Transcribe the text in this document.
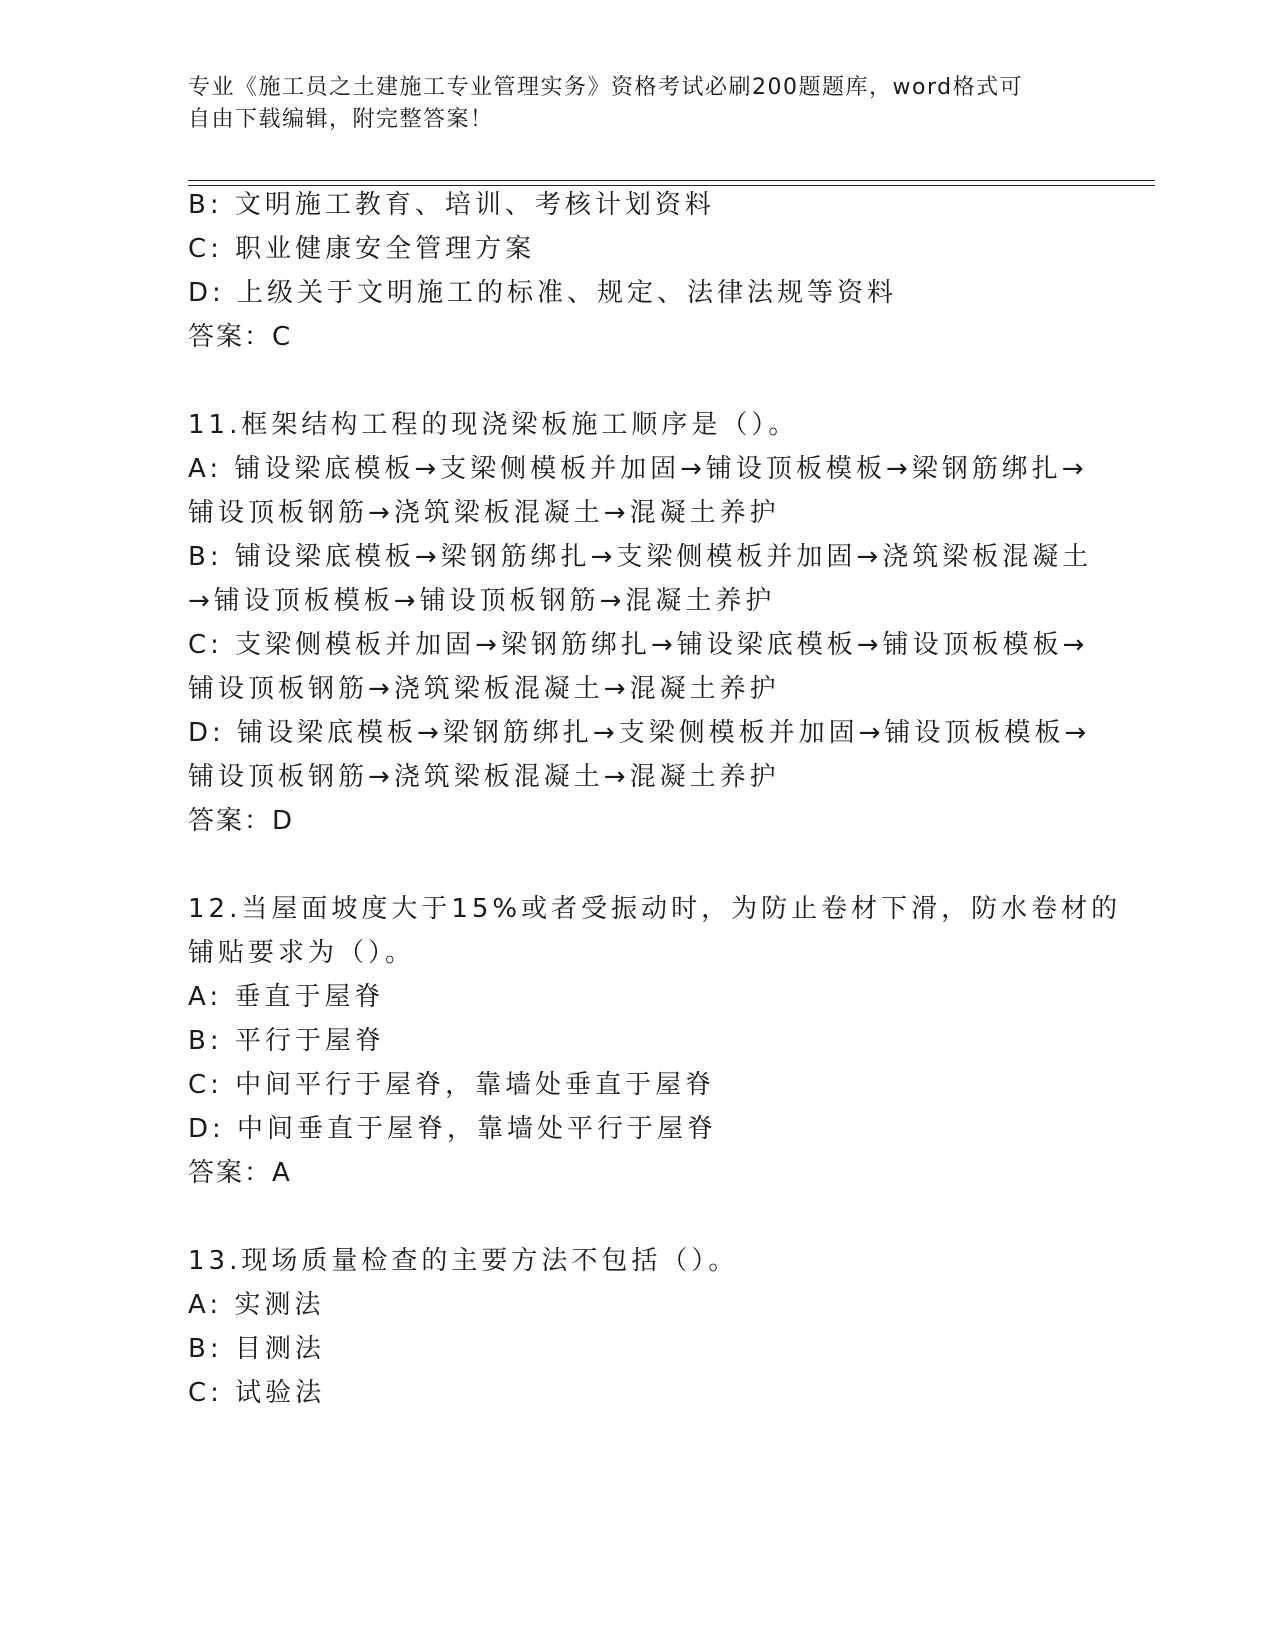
专业《施工员之土建施工专业管理实务》资格考试必刷200题题库，word格式可
自由下载编辑，附完整答案！
B: 文明施工教育、培训、考核计划资料
C: 职业健康安全管理方案
D: 上级关于文明施工的标准、规定、法律法规等资料
答案：C
11.框架结构工程的现浇梁板施工顺序是（）。
A: 铺设梁底模板→支梁侧模板并加固→铺设顶板模板→梁钢筋绑扎→
铺设顶板钢筋→浇筑梁板混凝土→混凝土养护
B: 铺设梁底模板→梁钢筋绑扎→支梁侧模板并加固→浇筑梁板混凝土
→铺设顶板模板→铺设顶板钢筋→混凝土养护
C: 支梁侧模板并加固→梁钢筋绑扎→铺设梁底模板→铺设顶板模板→
铺设顶板钢筋→浇筑梁板混凝土→混凝土养护
D: 铺设梁底模板→梁钢筋绑扎→支梁侧模板并加固→铺设顶板模板→
铺设顶板钢筋→浇筑梁板混凝土→混凝土养护
答案：D
12.当屋面坡度大于15%或者受振动时，为防止卷材下滑，防水卷材的
铺贴要求为（）。
A: 垂直于屋脊
B: 平行于屋脊
C: 中间平行于屋脊，靠墙处垂直于屋脊
D: 中间垂直于屋脊，靠墙处平行于屋脊
答案：A
13.现场质量检查的主要方法不包括（）。
A: 实测法
B: 目测法
C: 试验法
